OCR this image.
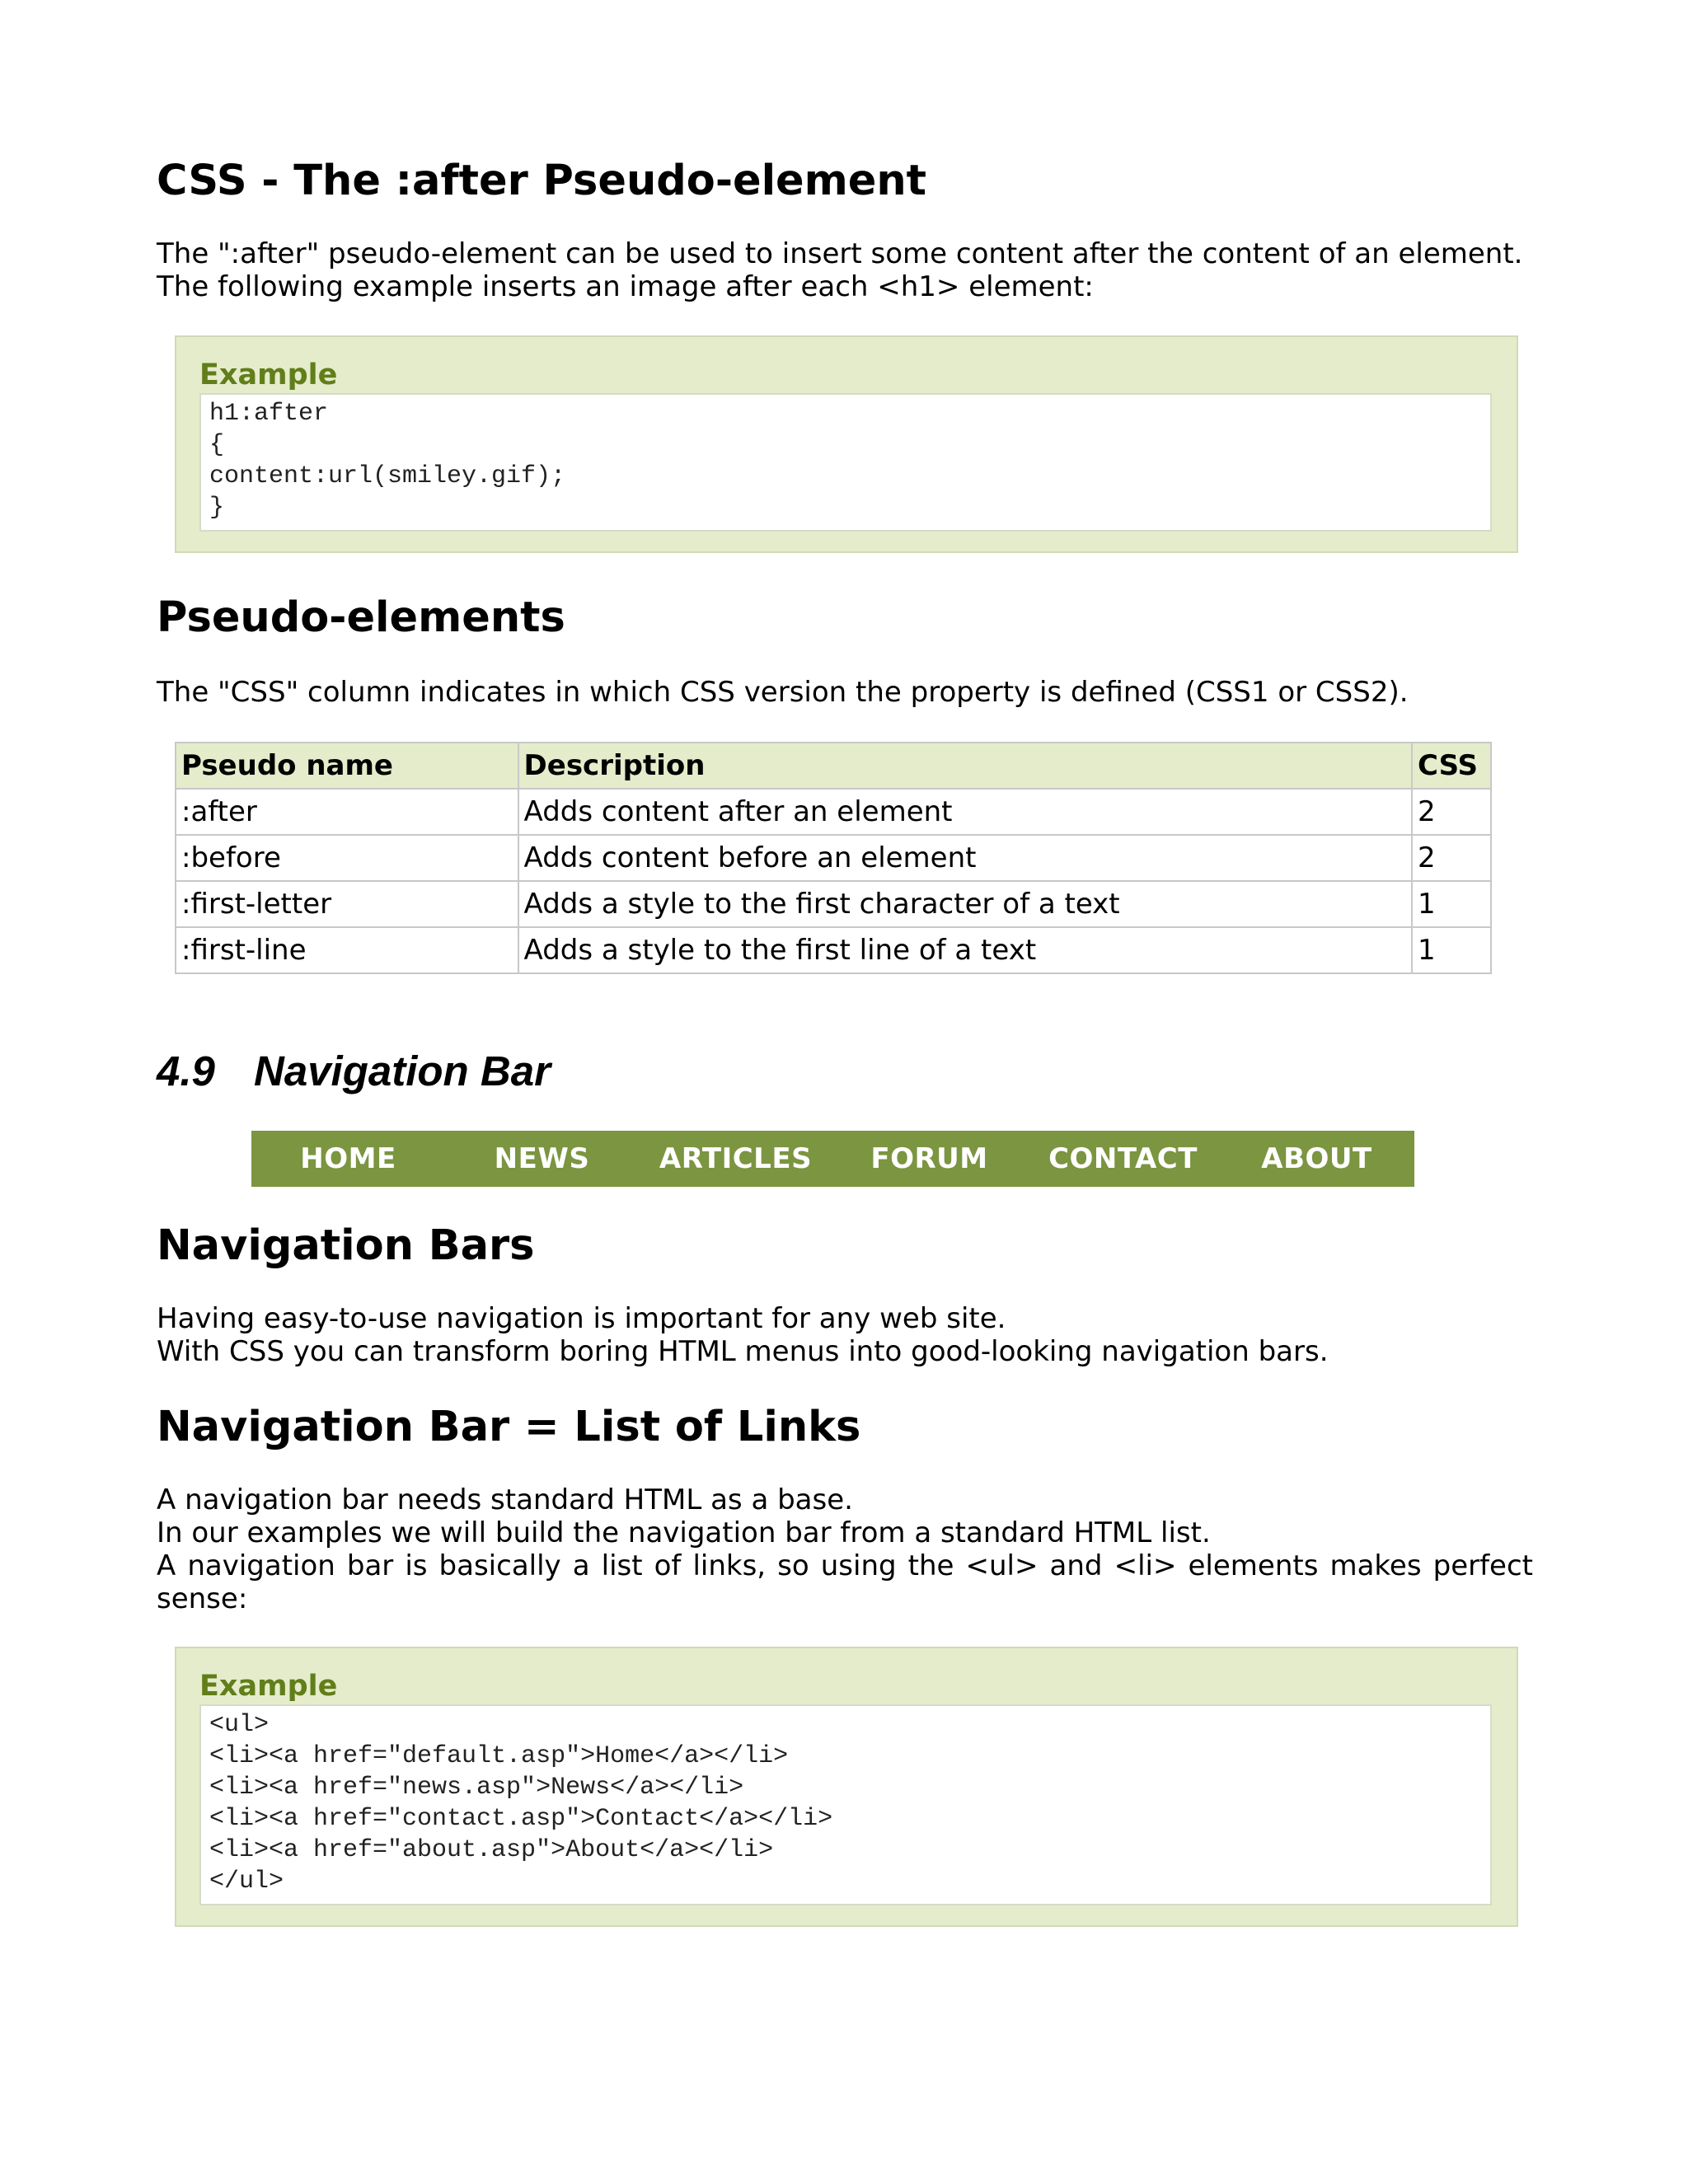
CSS - The :after Pseudo-element
The ":after" pseudo-element can be used to insert some content after the content of an element.
The following example inserts an image after each <h1> element:
Example
h1:after
{
content:url(smiley.gif);
}
Pseudo-elements
The "CSS" column indicates in which CSS version the property is defined (CSS1 or CSS2).
Pseudo name	Description	CSS
:after	Adds content after an element	2
:before	Adds content before an element	2
:first-letter	Adds a style to the first character of a text	1
:first-line	Adds a style to the first line of a text	1
4.9 Navigation Bar
HOME	NEWS	ARTICLES	FORUM	CONTACT	ABOUT
Navigation Bars
Having easy-to-use navigation is important for any web site.
With CSS you can transform boring HTML menus into good-looking navigation bars.
Navigation Bar = List of Links
A navigation bar needs standard HTML as a base.
In our examples we will build the navigation bar from a standard HTML list.
A navigation bar is basically a list of links, so using the <ul> and <li> elements makes perfect
sense:
Example
<ul>
<li><a href="default.asp">Home</a></li>
<li><a href="news.asp">News</a></li>
<li><a href="contact.asp">Contact</a></li>
<li><a href="about.asp">About</a></li>
</ul>
